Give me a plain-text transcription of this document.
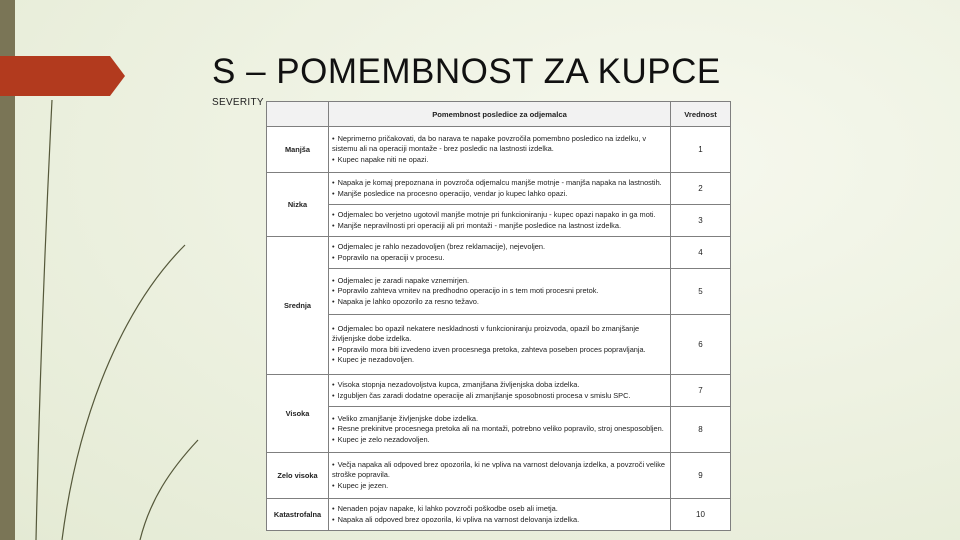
S – POMEMBNOST ZA KUPCE
SEVERITY
	Pomembnost posledice za odjemalca	Vrednost
Manjša	• Neprimerno pričakovati, da bo narava te napake povzročila pomembno posledico na izdelku, v sistemu ali na operaciji montaže - brez posledic na lastnosti izdelka.
• Kupec napake niti ne opazi.	1
Nizka	• Napaka je komaj prepoznana in povzroča odjemalcu manjše motnje - manjša napaka na lastnostih.
• Manjše posledice na procesno operacijo, vendar jo kupec lahko opazi.	2

	• Odjemalec bo verjetno ugotovil manjše motnje pri funkcioniranju - kupec opazi napako in ga moti.
• Manjše nepravilnosti pri operaciji ali pri montaži - manjše posledice na lastnost izdelka.	3
Srednja	• Odjemalec je rahlo nezadovoljen (brez reklamacije), nejevoljen.
• Popravilo na operaciji v procesu.	4

	• Odjemalec je zaradi napake vznemirjen.
• Popravilo zahteva vrnitev na predhodno operacijo in s tem moti procesni pretok.
• Napaka je lahko opozorilo za resno težavo.	5

	• Odjemalec bo opazil nekatere neskladnosti v funkcioniranju proizvoda, opazil bo zmanjšanje življenjske dobe izdelka.
• Popravilo mora biti izvedeno izven procesnega pretoka, zahteva poseben proces popravljanja.
• Kupec je nezadovoljen.	6
Visoka	• Visoka stopnja nezadovoljstva kupca, zmanjšana življenjska doba izdelka.
• Izgubljen čas zaradi dodatne operacije ali zmanjšanje sposobnosti procesa v smislu SPC.	7

	• Veliko zmanjšanje življenjske dobe izdelka.
• Resne prekinitve procesnega pretoka ali na montaži, potrebno veliko popravilo, stroj onesposobljen.
• Kupec je zelo nezadovoljen.	8
Zelo visoka	• Večja napaka ali odpoved brez opozorila, ki ne vpliva na varnost delovanja izdelka, a povzroči velike stroške popravila.
• Kupec je jezen.	9
Katastrofalna	• Nenaden pojav napake, ki lahko povzroči poškodbe oseb ali imetja.
• Napaka ali odpoved brez opozorila, ki vpliva na varnost delovanja izdelka.	10
